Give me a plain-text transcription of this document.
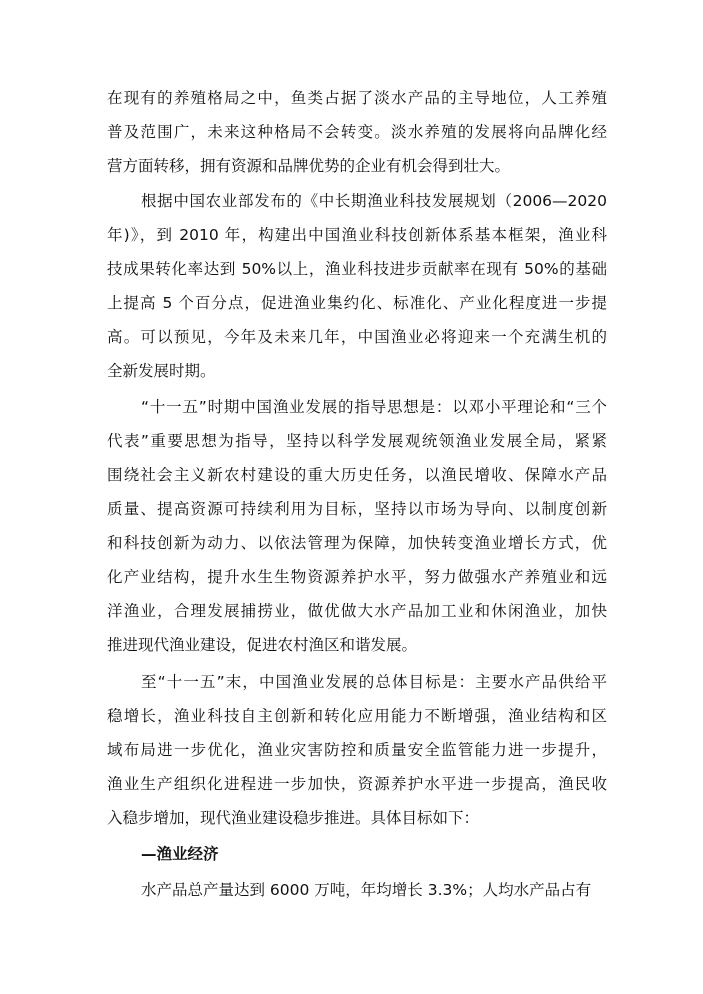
在现有的养殖格局之中，鱼类占据了淡水产品的主导地位，人工养殖
普及范围广，未来这种格局不会转变。淡水养殖的发展将向品牌化经
营方面转移，拥有资源和品牌优势的企业有机会得到壮大。
根据中国农业部发布的《中长期渔业科技发展规划（2006—2020
年)》，到 2010 年，构建出中国渔业科技创新体系基本框架，渔业科
技成果转化率达到 50%以上，渔业科技进步贡献率在现有 50%的基础
上提高 5 个百分点，促进渔业集约化、标准化、产业化程度进一步提
高。可以预见，今年及未来几年，中国渔业必将迎来一个充满生机的
全新发展时期。
“十一五”时期中国渔业发展的指导思想是：以邓小平理论和“三个
代表”重要思想为指导，坚持以科学发展观统领渔业发展全局，紧紧
围绕社会主义新农村建设的重大历史任务，以渔民增收、保障水产品
质量、提高资源可持续利用为目标，坚持以市场为导向、以制度创新
和科技创新为动力、以依法管理为保障，加快转变渔业增长方式，优
化产业结构，提升水生生物资源养护水平，努力做强水产养殖业和远
洋渔业，合理发展捕捞业，做优做大水产品加工业和休闲渔业，加快
推进现代渔业建设，促进农村渔区和谐发展。
至“十一五”末，中国渔业发展的总体目标是：主要水产品供给平
稳增长，渔业科技自主创新和转化应用能力不断增强，渔业结构和区
域布局进一步优化，渔业灾害防控和质量安全监管能力进一步提升，
渔业生产组织化进程进一步加快，资源养护水平进一步提高，渔民收
入稳步增加，现代渔业建设稳步推进。具体目标如下：
—渔业经济
水产品总产量达到 6000 万吨，年均增长 3.3%；人均水产品占有
